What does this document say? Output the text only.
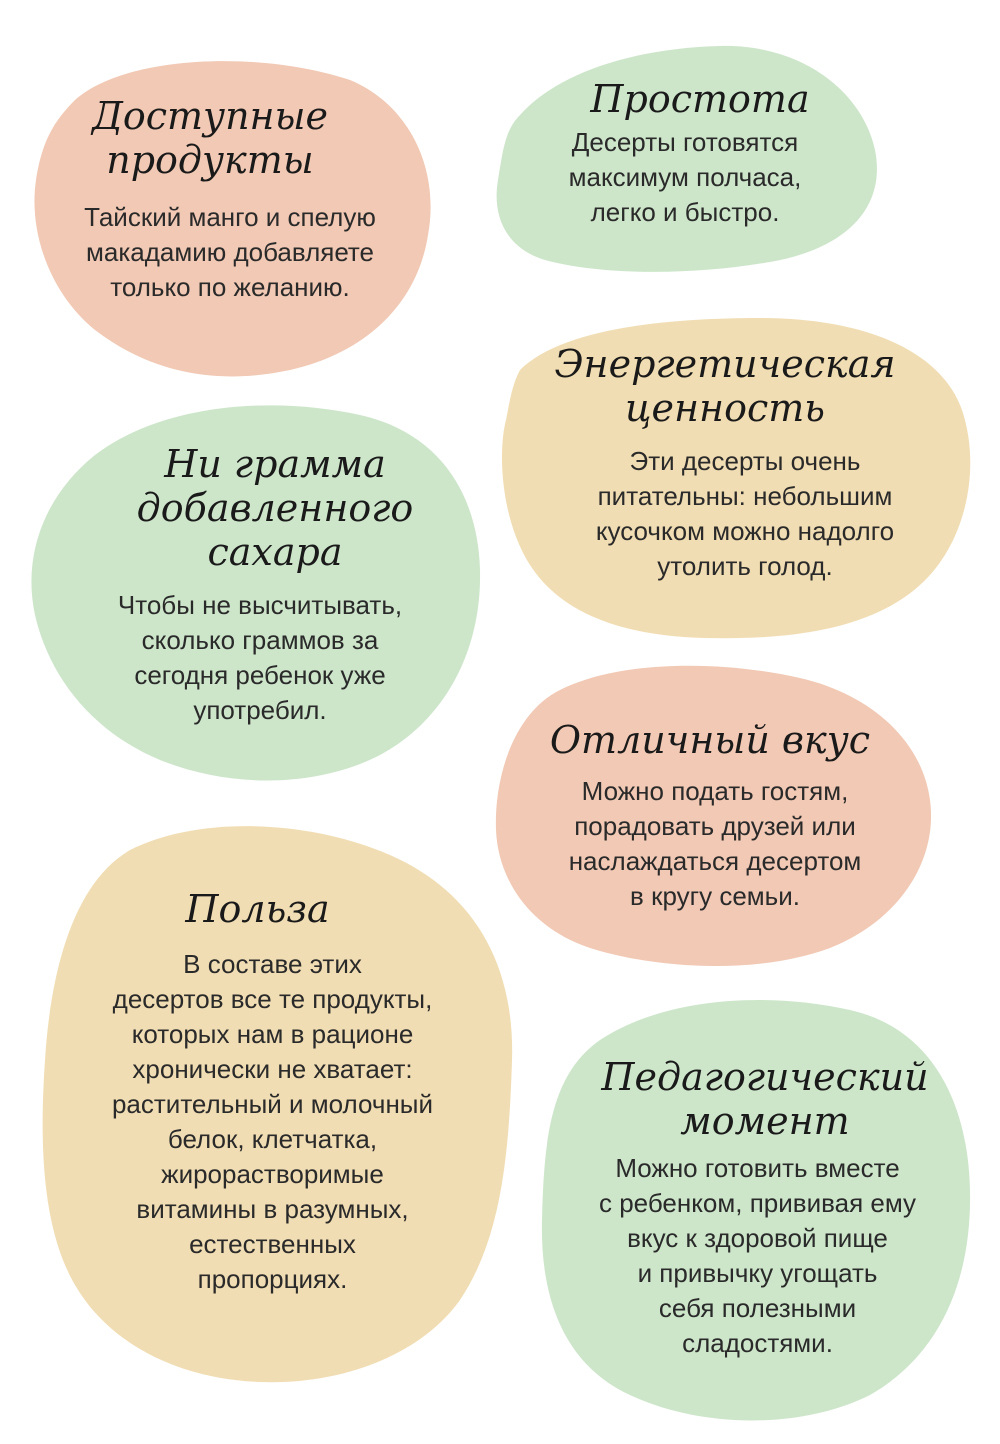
Доступные
продукты

Тайский манго и спелую
макадамию добавляете
только по желанию.

Простота

Десерты готовятся
максимум полчаса,
легко и быстро.

Энергетическая
ценность

Эти десерты очень
питательны: небольшим
кусочком можно надолго
утолить голод.

Ни грамма
добавленного
сахара

Чтобы не высчитывать,
сколько граммов за
сегодня ребенок уже
употребил.

Отличный вкус

Можно подать гостям,
порадовать друзей или
наслаждаться десертом
в кругу семьи.

Польза

В составе этих
десертов все те продукты,
которых нам в рационе
хронически не хватает:
растительный и молочный
белок, клетчатка,
жирорастворимые
витамины в разумных,
естественных
пропорциях.

Педагогический
момент

Можно готовить вместе
с ребенком, прививая ему
вкус к здоровой пище
и привычку угощать
себя полезными
сладостями.
